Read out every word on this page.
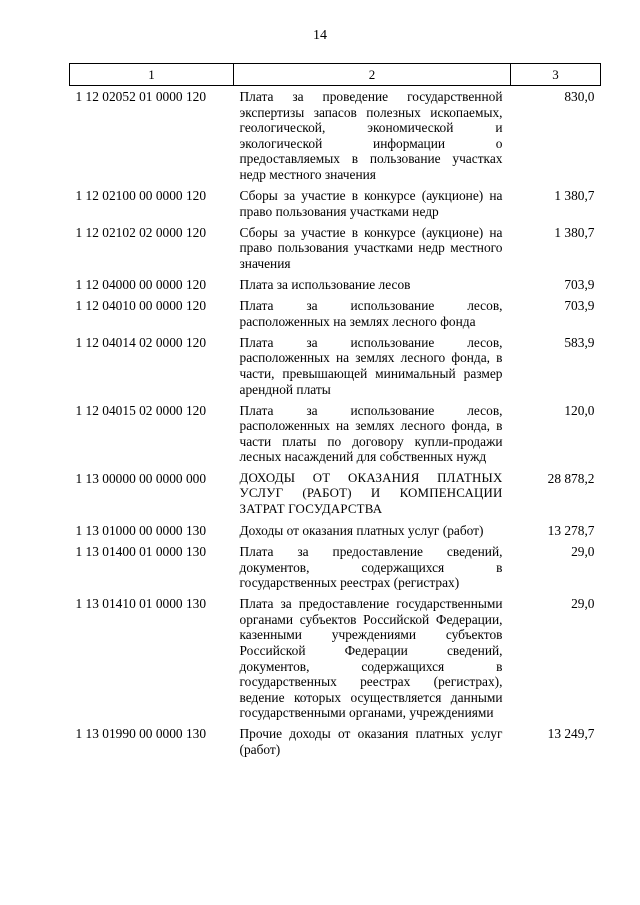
14
1	2	3
1 12 02052 01 0000 120	Плата за проведение государственной экспертизы запасов полезных ископаемых, геологической, экономической и экологической информации о предоставляемых в пользование участках недр местного значения	830,0
1 12 02100 00 0000 120	Сборы за участие в конкурсе (аукционе) на право пользования участками недр	1 380,7
1 12 02102 02 0000 120	Сборы за участие в конкурсе (аукционе) на право пользования участками недр местного значения	1 380,7
1 12 04000 00 0000 120	Плата за использование лесов	703,9
1 12 04010 00 0000 120	Плата за использование лесов, расположенных на землях лесного фонда	703,9
1 12 04014 02 0000 120	Плата за использование лесов, расположенных на землях лесного фонда, в части, превышающей минимальный размер арендной платы	583,9
1 12 04015 02 0000 120	Плата за использование лесов, расположенных на землях лесного фонда, в части платы по договору купли-продажи лесных насаждений для собственных нужд	120,0
1 13 00000 00 0000 000	ДОХОДЫ ОТ ОКАЗАНИЯ ПЛАТНЫХ УСЛУГ (РАБОТ) И КОМПЕНСАЦИИ ЗАТРАТ ГОСУДАРСТВА	28 878,2
1 13 01000 00 0000 130	Доходы от оказания платных услуг (работ)	13 278,7
1 13 01400 01 0000 130	Плата за предоставление сведений, документов, содержащихся в государственных реестрах (регистрах)	29,0
1 13 01410 01 0000 130	Плата за предоставление государственными органами субъектов Российской Федерации, казенными учреждениями субъектов Российской Федерации сведений, документов, содержащихся в государственных реестрах (регистрах), ведение которых осуществляется данными государственными органами, учреждениями	29,0
1 13 01990 00 0000 130	Прочие доходы от оказания платных услуг (работ)	13 249,7
